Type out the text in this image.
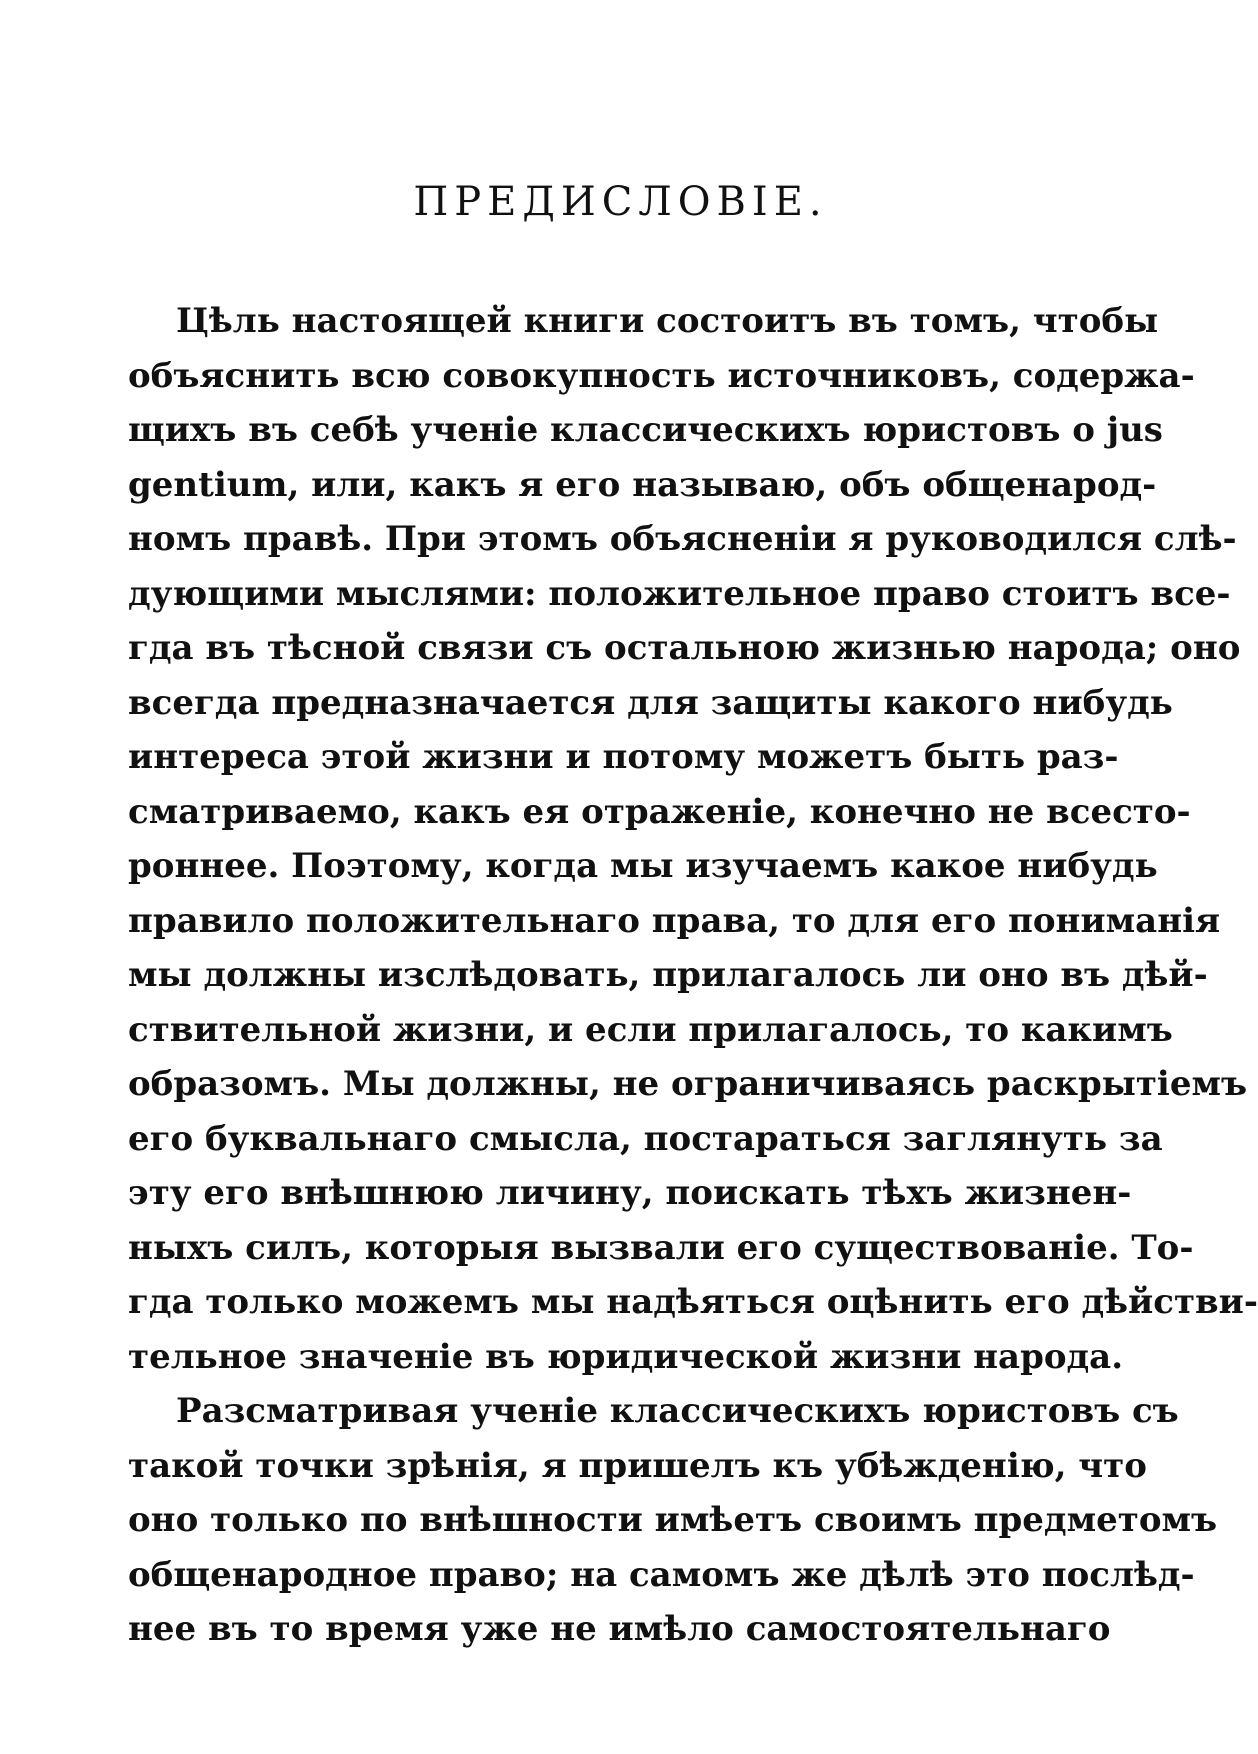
ПРЕДИСЛОВIЕ.
Цѣль настоящей книги состоитъ въ томъ, чтобы
объяснить всю совокупность источниковъ, содержа-
щихъ въ себѣ ученiе классическихъ юристовъ о jus
gentium, или, какъ я его называю, объ общенарод-
номъ правѣ. При этомъ объясненiи я руководился слѣ-
дующими мыслями: положительное право стоитъ все-
гда въ тѣсной связи съ остальною жизнью народа; оно
всегда предназначается для защиты какого нибудь
интереса этой жизни и потому можетъ быть раз-
сматриваемо, какъ ея отраженiе, конечно не всесто-
роннее. Поэтому, когда мы изучаемъ какое нибудь
правило положительнаго права, то для его пониманiя
мы должны изслѣдовать, прилагалось ли оно въ дѣй-
ствительной жизни, и если прилагалось, то какимъ
образомъ. Мы должны, не ограничиваясь раскрытiемъ
его буквальнаго смысла, постараться заглянуть за
эту его внѣшнюю личину, поискать тѣхъ жизнен-
ныхъ силъ, которыя вызвали его существованiе. То-
гда только можемъ мы надѣяться оцѣнить его дѣйстви-
тельное значенiе въ юридической жизни народа.
Разсматривая ученiе классическихъ юристовъ съ
такой точки зрѣнiя, я пришелъ къ убѣжденiю, что
оно только по внѣшности имѣетъ своимъ предметомъ
общенародное право; на самомъ же дѣлѣ это послѣд-
нее въ то время уже не имѣло самостоятельнаго
